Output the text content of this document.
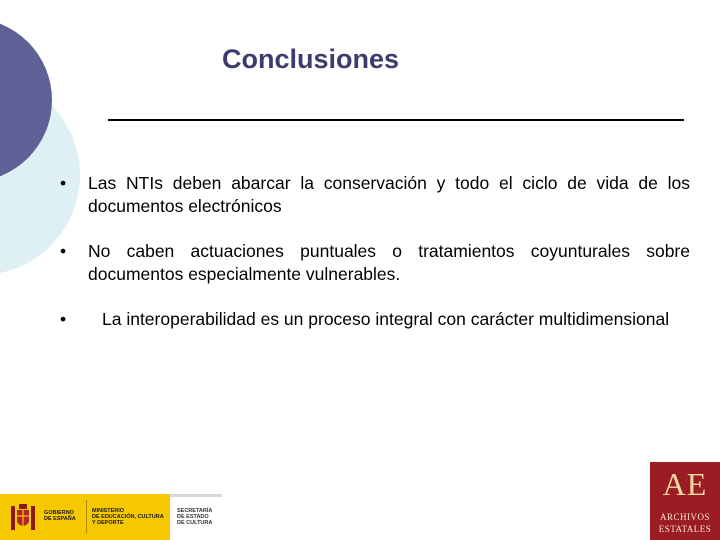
Conclusiones
• Las NTIs deben abarcar la conservación y todo el ciclo de vida de los documentos electrónicos
• No caben actuaciones puntuales o tratamientos coyunturales sobre documentos especialmente vulnerables.
• La interoperabilidad es un proceso integral con carácter multidimensional
GOBIERNO
DE ESPAÑA
MINISTERIO
DE EDUCACIÓN, CULTURA
Y DEPORTE
SECRETARÍA
DE ESTADO
DE CULTURA
AE
ARCHIVOS
ESTATALES
